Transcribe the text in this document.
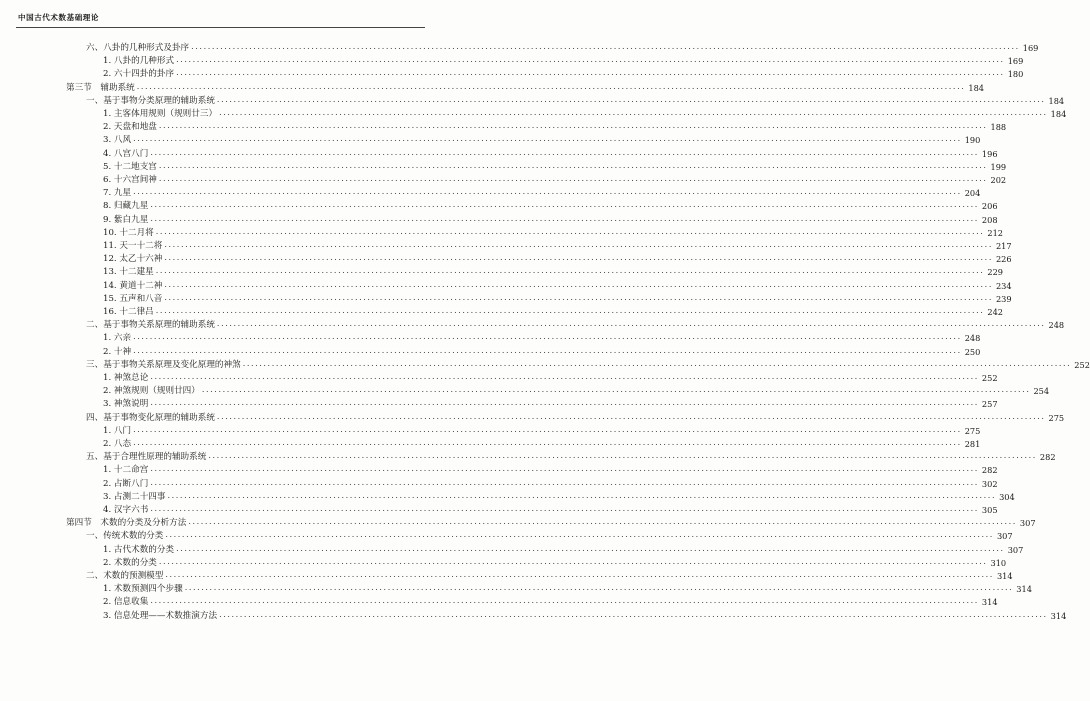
中国古代术数基础理论
六、八卦的几种形式及卦序 ........................................................................................................................................................................................................ 169
1. 八卦的几种形式 ........................................................................................................................................................................................................ 169
2. 六十四卦的卦序 ........................................................................................................................................................................................................ 180
第三节　辅助系统 ........................................................................................................................................................................................................ 184
一、基于事物分类原理的辅助系统 ........................................................................................................................................................................................................ 184
1. 主客体用规则（规则廿三） ........................................................................................................................................................................................................ 184
2. 天盘和地盘 ........................................................................................................................................................................................................ 188
3. 八风 ........................................................................................................................................................................................................ 190
4. 八宫八门 ........................................................................................................................................................................................................ 196
5. 十二地支宫 ........................................................................................................................................................................................................ 199
6. 十六宫间神 ........................................................................................................................................................................................................ 202
7. 九星 ........................................................................................................................................................................................................ 204
8. 归藏九星 ........................................................................................................................................................................................................ 206
9. 紫白九星 ........................................................................................................................................................................................................ 208
10. 十二月将 ........................................................................................................................................................................................................ 212
11. 天一十二将 ........................................................................................................................................................................................................ 217
12. 太乙十六神 ........................................................................................................................................................................................................ 226
13. 十二建星 ........................................................................................................................................................................................................ 229
14. 黄道十二神 ........................................................................................................................................................................................................ 234
15. 五声和八音 ........................................................................................................................................................................................................ 239
16. 十二律吕 ........................................................................................................................................................................................................ 242
二、基于事物关系原理的辅助系统 ........................................................................................................................................................................................................ 248
1. 六亲 ........................................................................................................................................................................................................ 248
2. 十神 ........................................................................................................................................................................................................ 250
三、基于事物关系原理及变化原理的神煞 ........................................................................................................................................................................................................ 252
1. 神煞总论 ........................................................................................................................................................................................................ 252
2. 神煞规则（规则廿四） ........................................................................................................................................................................................................ 254
3. 神煞说明 ........................................................................................................................................................................................................ 257
四、基于事物变化原理的辅助系统 ........................................................................................................................................................................................................ 275
1. 八门 ........................................................................................................................................................................................................ 275
2. 八态 ........................................................................................................................................................................................................ 281
五、基于合理性原理的辅助系统 ........................................................................................................................................................................................................ 282
1. 十二命宫 ........................................................................................................................................................................................................ 282
2. 占断八门 ........................................................................................................................................................................................................ 302
3. 占测二十四事 ........................................................................................................................................................................................................ 304
4. 汉字六书 ........................................................................................................................................................................................................ 305
第四节　术数的分类及分析方法 ........................................................................................................................................................................................................ 307
一、传统术数的分类 ........................................................................................................................................................................................................ 307
1. 古代术数的分类 ........................................................................................................................................................................................................ 307
2. 术数的分类 ........................................................................................................................................................................................................ 310
二、术数的预测模型 ........................................................................................................................................................................................................ 314
1. 术数预测四个步骤 ........................................................................................................................................................................................................ 314
2. 信息收集 ........................................................................................................................................................................................................ 314
3. 信息处理——术数推演方法 ........................................................................................................................................................................................................ 314
